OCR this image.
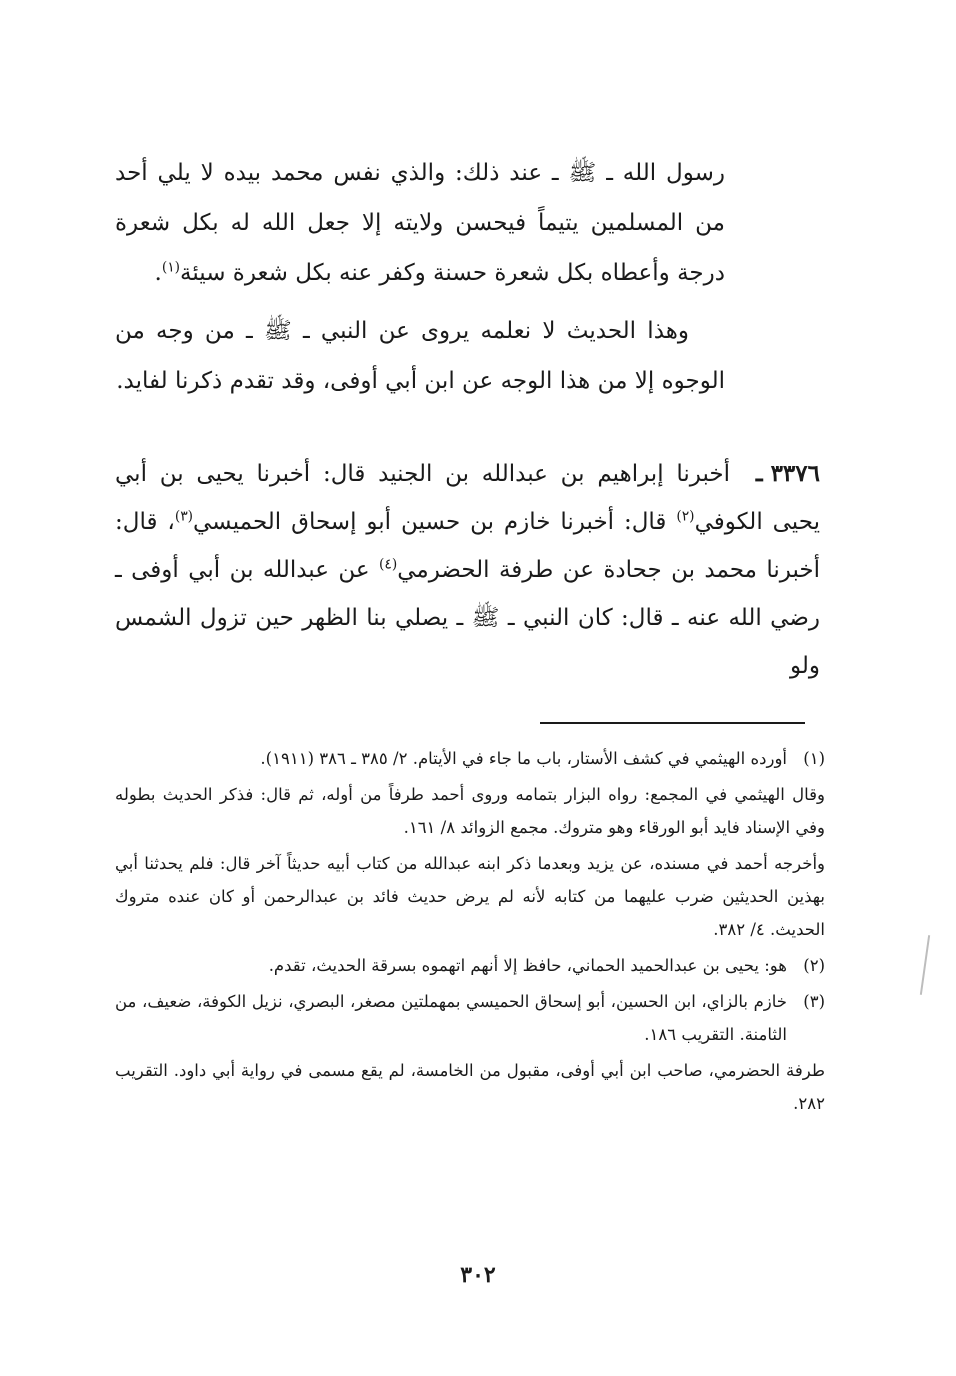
رسول الله ـ ﷺ ـ عند ذلك: والذي نفس محمد بيده لا يلي أحد من المسلمين يتيماً فيحسن ولايته إلا جعل الله له بكل شعرة درجة وأعطاه بكل شعرة حسنة وكفر عنه بكل شعرة سيئة$^{(١)}$.

وهذا الحديث لا نعلمه يروى عن النبي ـ ﷺ ـ من وجه من الوجوه إلا من هذا الوجه عن ابن أبي أوفى، وقد تقدم ذكرنا لفايد.

٣٣٧٦ ـأخبرنا إبراهيم بن عبدالله بن الجنيد قال: أخبرنا يحيى بن أبي يحيى الكوفي$^{(٢)}$ قال: أخبرنا خازم بن حسين أبو إسحاق الحميسي$^{(٣)}$، قال: أخبرنا محمد بن جحادة عن طرفة الحضرمي$^{(٤)}$ عن عبدالله بن أبي أوفى ـ رضي الله عنه ـ قال: كان النبي ـ ﷺ ـ يصلي بنا الظهر حين تزول الشمس ولو

(١)
أورده الهيثمي في كشف الأستار، باب ما جاء في الأيتام. ٢/ ٣٨٥ ـ ٣٨٦ (١٩١١).

وقال الهيثمي في المجمع: رواه البزار بتمامه وروى أحمد طرفاً من أوله، ثم قال: فذكر الحديث بطوله وفي الإسناد فايد أبو الورقاء وهو متروك. مجمع الزوائد ٨/ ١٦١.

وأخرجه أحمد في مسنده، عن يزيد وبعدما ذكر ابنه عبدالله من كتاب أبيه حديثاً آخر قال: فلم يحدثنا أبي بهذين الحديثين ضرب عليهما من كتابه لأنه لم يرض حديث فائد بن عبدالرحمن أو كان عنده متروك الحديث. ٤/ ٣٨٢.

(٢)
هو: يحيى بن عبدالحميد الحماني، حافظ إلا أنهم اتهموه بسرقة الحديث، تقدم.

(٣)
خازم بالزاي، ابن الحسين، أبو إسحاق الحميسي بمهملتين مصغر، البصري، نزيل الكوفة، ضعيف، من الثامنة. التقريب ١٨٦.

طرفة الحضرمي، صاحب ابن أبي أوفى، مقبول من الخامسة، لم يقع مسمى في رواية أبي داود. التقريب ٢٨٢.

٣٠٢
